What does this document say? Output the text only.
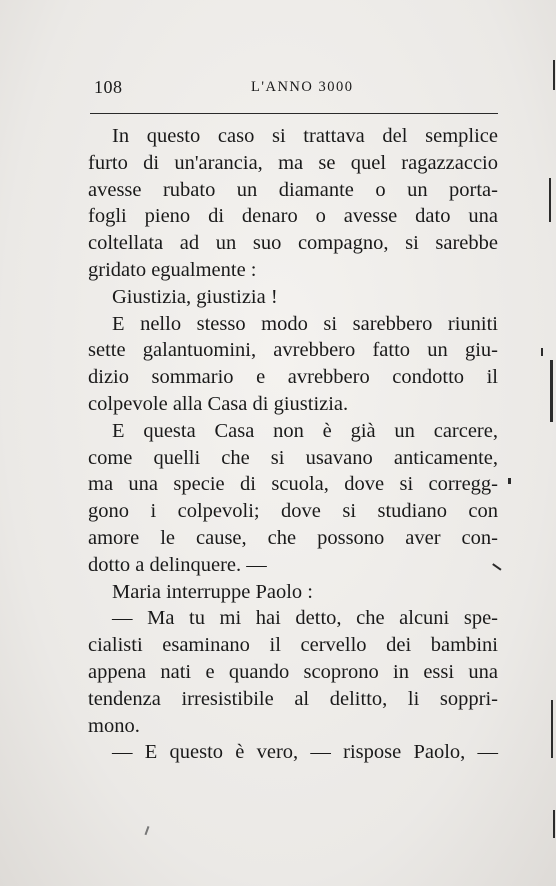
108	L'ANNO 3000
In questo caso si trattava del semplice
furto di un'arancia, ma se quel ragazzaccio
avesse rubato un diamante o un porta-
fogli pieno di denaro o avesse dato una
coltellata ad un suo compagno, si sarebbe
gridato egualmente :
Giustizia, giustizia !
E nello stesso modo si sarebbero riuniti
sette galantuomini, avrebbero fatto un giu-
dizio sommario e avrebbero condotto il
colpevole alla Casa di giustizia.
E questa Casa non è già un carcere,
come quelli che si usavano anticamente,
ma una specie di scuola, dove si corregg-
gono i colpevoli; dove si studiano con
amore le cause, che possono aver con-
dotto a delinquere. —
Maria interruppe Paolo :
— Ma tu mi hai detto, che alcuni spe-
cialisti esaminano il cervello dei bambini
appena nati e quando scoprono in essi una
tendenza irresistibile al delitto, li soppri-
mono.
— E questo è vero, — rispose Paolo, —
